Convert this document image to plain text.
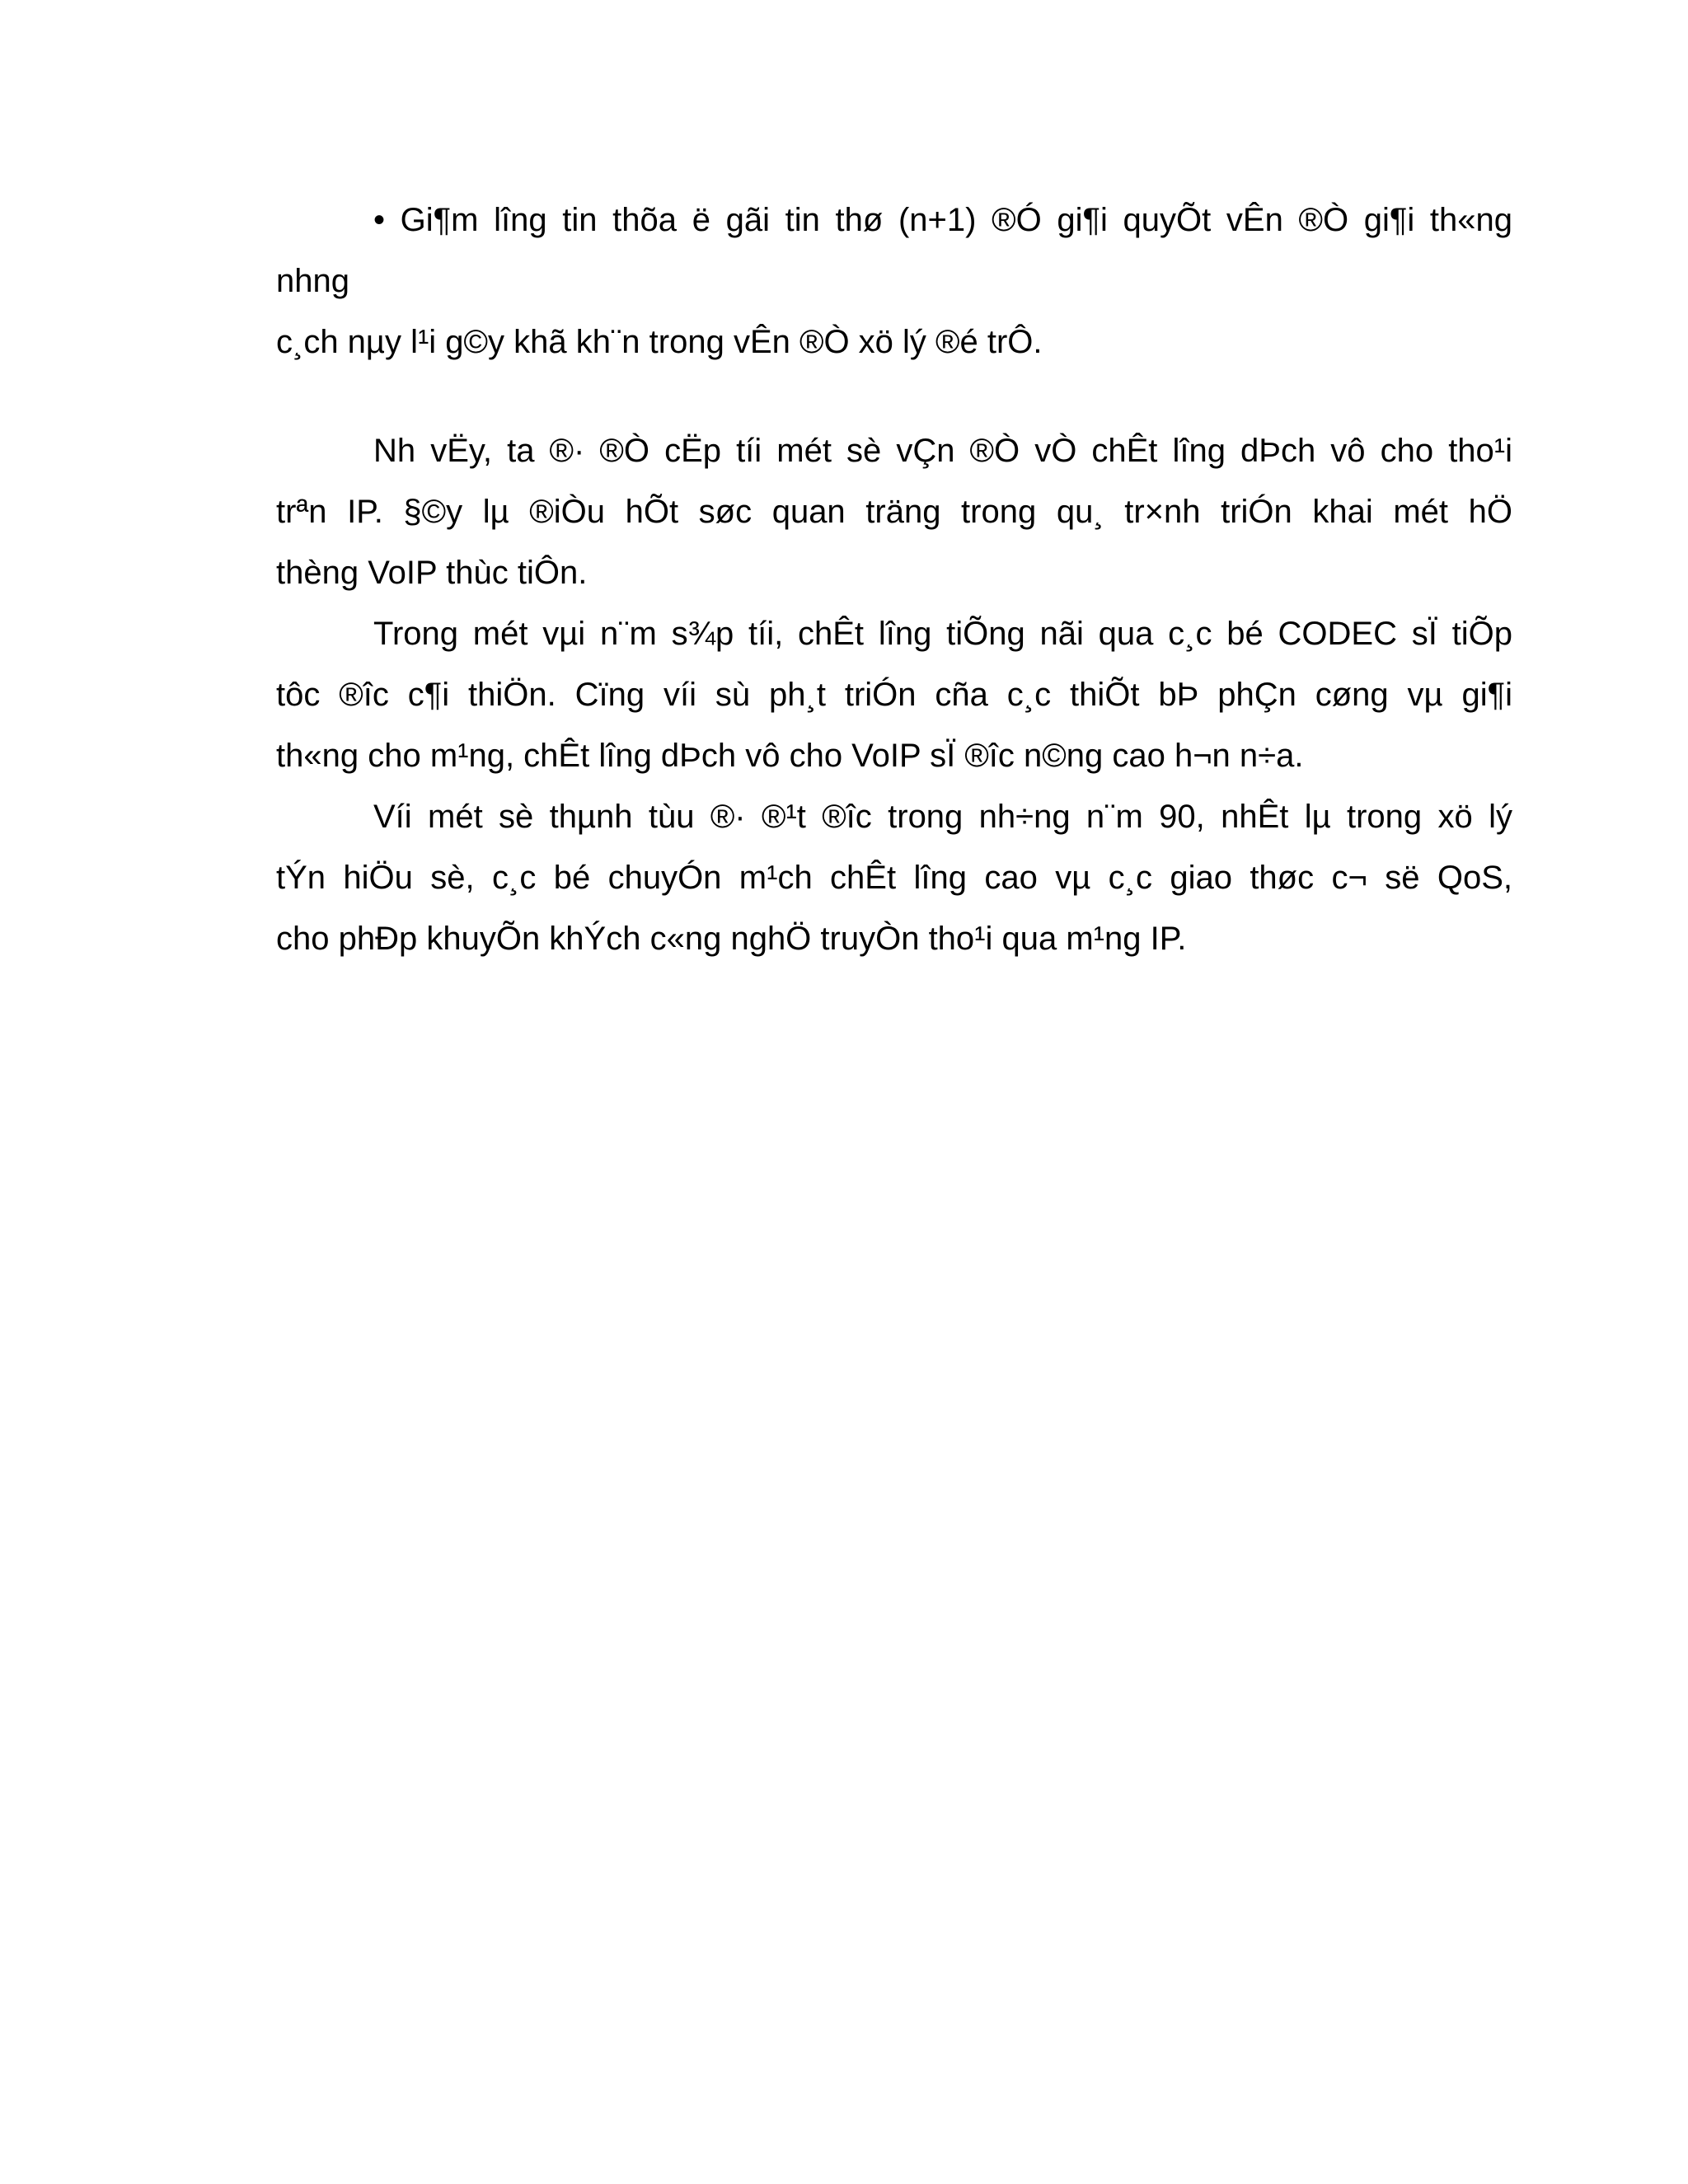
• Gi¶m lîng tin thõa ë gãi tin thø (n+1) ®Ó gi¶i quyÕt vÊn ®Ò gi¶i th«ng
nhng
c¸ch nµy l¹i g©y khã kh¨n trong vÊn ®Ò xö lý ®é trÔ.
Nh vËy, ta ®· ®Ò cËp tíi mét sè vÇn ®Ò vÒ chÊt lîng dÞch vô cho tho¹i
trªn IP. §©y lµ ®iÒu hÕt søc quan träng trong qu¸ tr×nh triÓn khai mét hÖ
thèng VoIP thùc tiÔn.
Trong mét vµi n¨m s¾p tíi, chÊt lîng tiÕng nãi qua c¸c bé CODEC sÏ tiÕp
tôc ®îc c¶i thiÖn. Cïng víi sù ph¸t triÓn cña c¸c thiÕt bÞ phÇn cøng vµ gi¶i
th«ng cho m¹ng, chÊt lîng dÞch vô cho VoIP sÏ ®îc n©ng cao h¬n n÷a.
Víi mét sè thµnh tùu ®· ®¹t ®îc trong nh÷ng n¨m 90, nhÊt lµ trong xö lý
tÝn hiÖu sè, c¸c bé chuyÓn m¹ch chÊt lîng cao vµ c¸c giao thøc c¬ së QoS,
cho phÐp khuyÕn khÝch c«ng nghÖ truyÒn tho¹i qua m¹ng IP.
